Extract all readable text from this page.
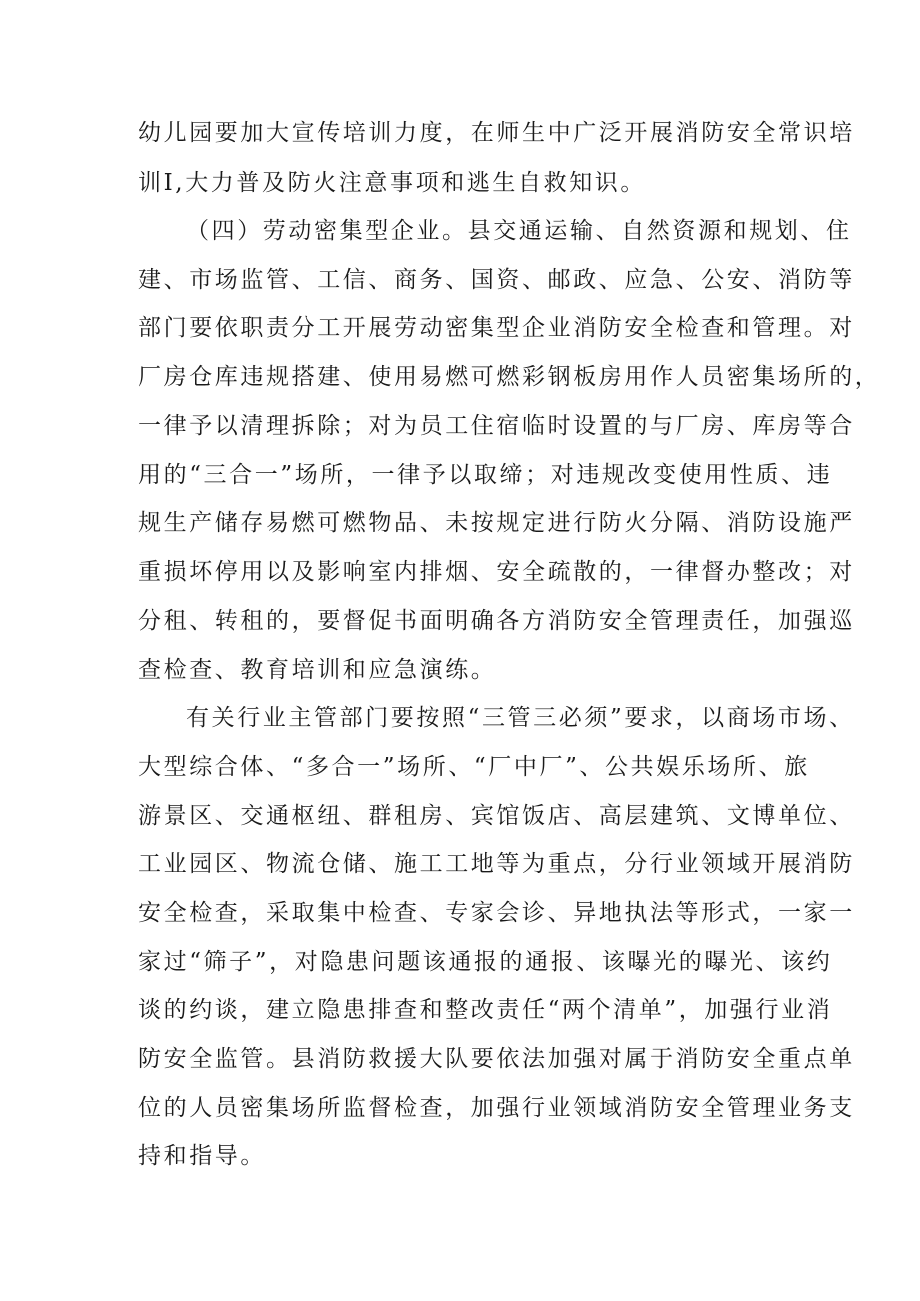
幼儿园要加大宣传培训力度，在师生中广泛开展消防安全常识培

训I,大力普及防火注意事项和逃生自救知识。

（四）劳动密集型企业。县交通运输、自然资源和规划、住

建、市场监管、工信、商务、国资、邮政、应急、公安、消防等

部门要依职责分工开展劳动密集型企业消防安全检查和管理。对

厂房仓库违规搭建、使用易燃可燃彩钢板房用作人员密集场所的，

一律予以清理拆除；对为员工住宿临时设置的与厂房、库房等合

用的“三合一”场所，一律予以取缔；对违规改变使用性质、违

规生产储存易燃可燃物品、未按规定进行防火分隔、消防设施严

重损坏停用以及影响室内排烟、安全疏散的，一律督办整改；对

分租、转租的，要督促书面明确各方消防安全管理责任，加强巡

查检查、教育培训和应急演练。

有关行业主管部门要按照“三管三必须”要求，以商场市场、

大型综合体、“多合一”场所、“厂中厂”、公共娱乐场所、旅

游景区、交通枢纽、群租房、宾馆饭店、高层建筑、文博单位、

工业园区、物流仓储、施工工地等为重点，分行业领域开展消防

安全检查，采取集中检查、专家会诊、异地执法等形式，一家一

家过“筛子”，对隐患问题该通报的通报、该曝光的曝光、该约

谈的约谈，建立隐患排查和整改责任“两个清单”，加强行业消

防安全监管。县消防救援大队要依法加强对属于消防安全重点单

位的人员密集场所监督检查，加强行业领域消防安全管理业务支

持和指导。
